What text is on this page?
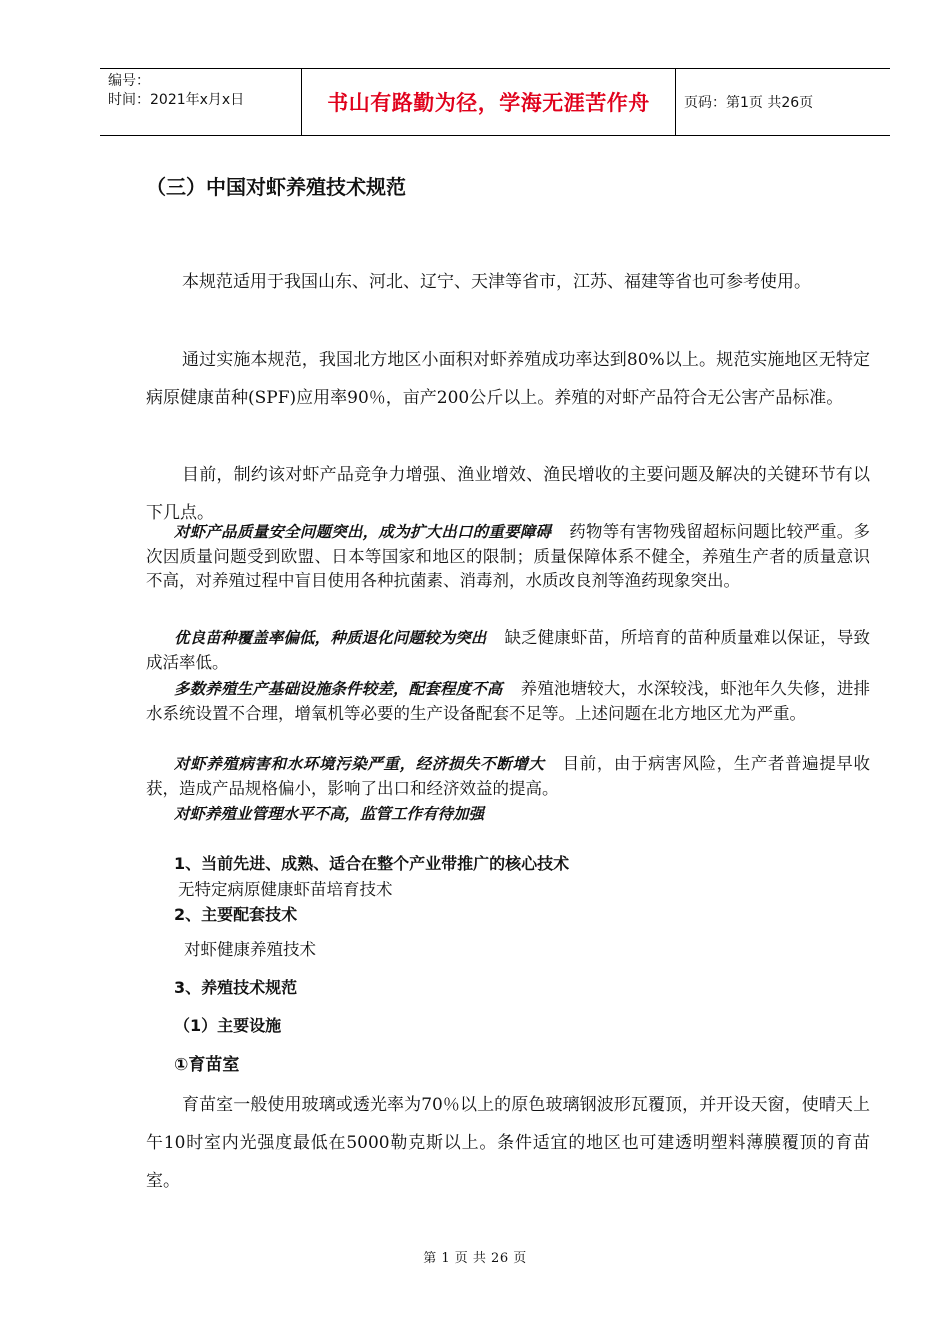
编号：
时间：2021年x月x日	书山有路勤为径，学海无涯苦作舟 页码：第1页 共26页
（三）中国对虾养殖技术规范

本规范适用于我国山东、河北、辽宁、天津等省市，江苏、福建等省也可参考使用。

通过实施本规范，我国北方地区小面积对虾养殖成功率达到80%以上。规范实施地区无特定病原健康苗种(SPF)应用率90％，亩产200公斤以上。养殖的对虾产品符合无公害产品标准。

目前，制约该对虾产品竞争力增强、渔业增效、渔民增收的主要问题及解决的关键环节有以下几点。

对虾产品质量安全问题突出，成为扩大出口的重要障碍 药物等有害物残留超标问题比较严重。多次因质量问题受到欧盟、日本等国家和地区的限制；质量保障体系不健全，养殖生产者的质量意识不高，对养殖过程中盲目使用各种抗菌素、消毒剂，水质改良剂等渔药现象突出。

优良苗种覆盖率偏低，种质退化问题较为突出 缺乏健康虾苗，所培育的苗种质量难以保证，导致成活率低。

多数养殖生产基础设施条件较差，配套程度不高 养殖池塘较大，水深较浅，虾池年久失修，进排水系统设置不合理，增氧机等必要的生产设备配套不足等。上述问题在北方地区尤为严重。

对虾养殖病害和水环境污染严重，经济损失不断增大 目前，由于病害风险，生产者普遍提早收获，造成产品规格偏小，影响了出口和经济效益的提高。

对虾养殖业管理水平不高，监管工作有待加强

1、当前先进、成熟、适合在整个产业带推广的核心技术

无特定病原健康虾苗培育技术

2、主要配套技术

对虾健康养殖技术

3、养殖技术规范
（1）主要设施
①育苗室

育苗室一般使用玻璃或透光率为70％以上的原色玻璃钢波形瓦覆顶，并开设天窗，使晴天上午10时室内光强度最低在5000勒克斯以上。条件适宜的地区也可建透明塑料薄膜覆顶的育苗室。

第 1 页 共 26 页
